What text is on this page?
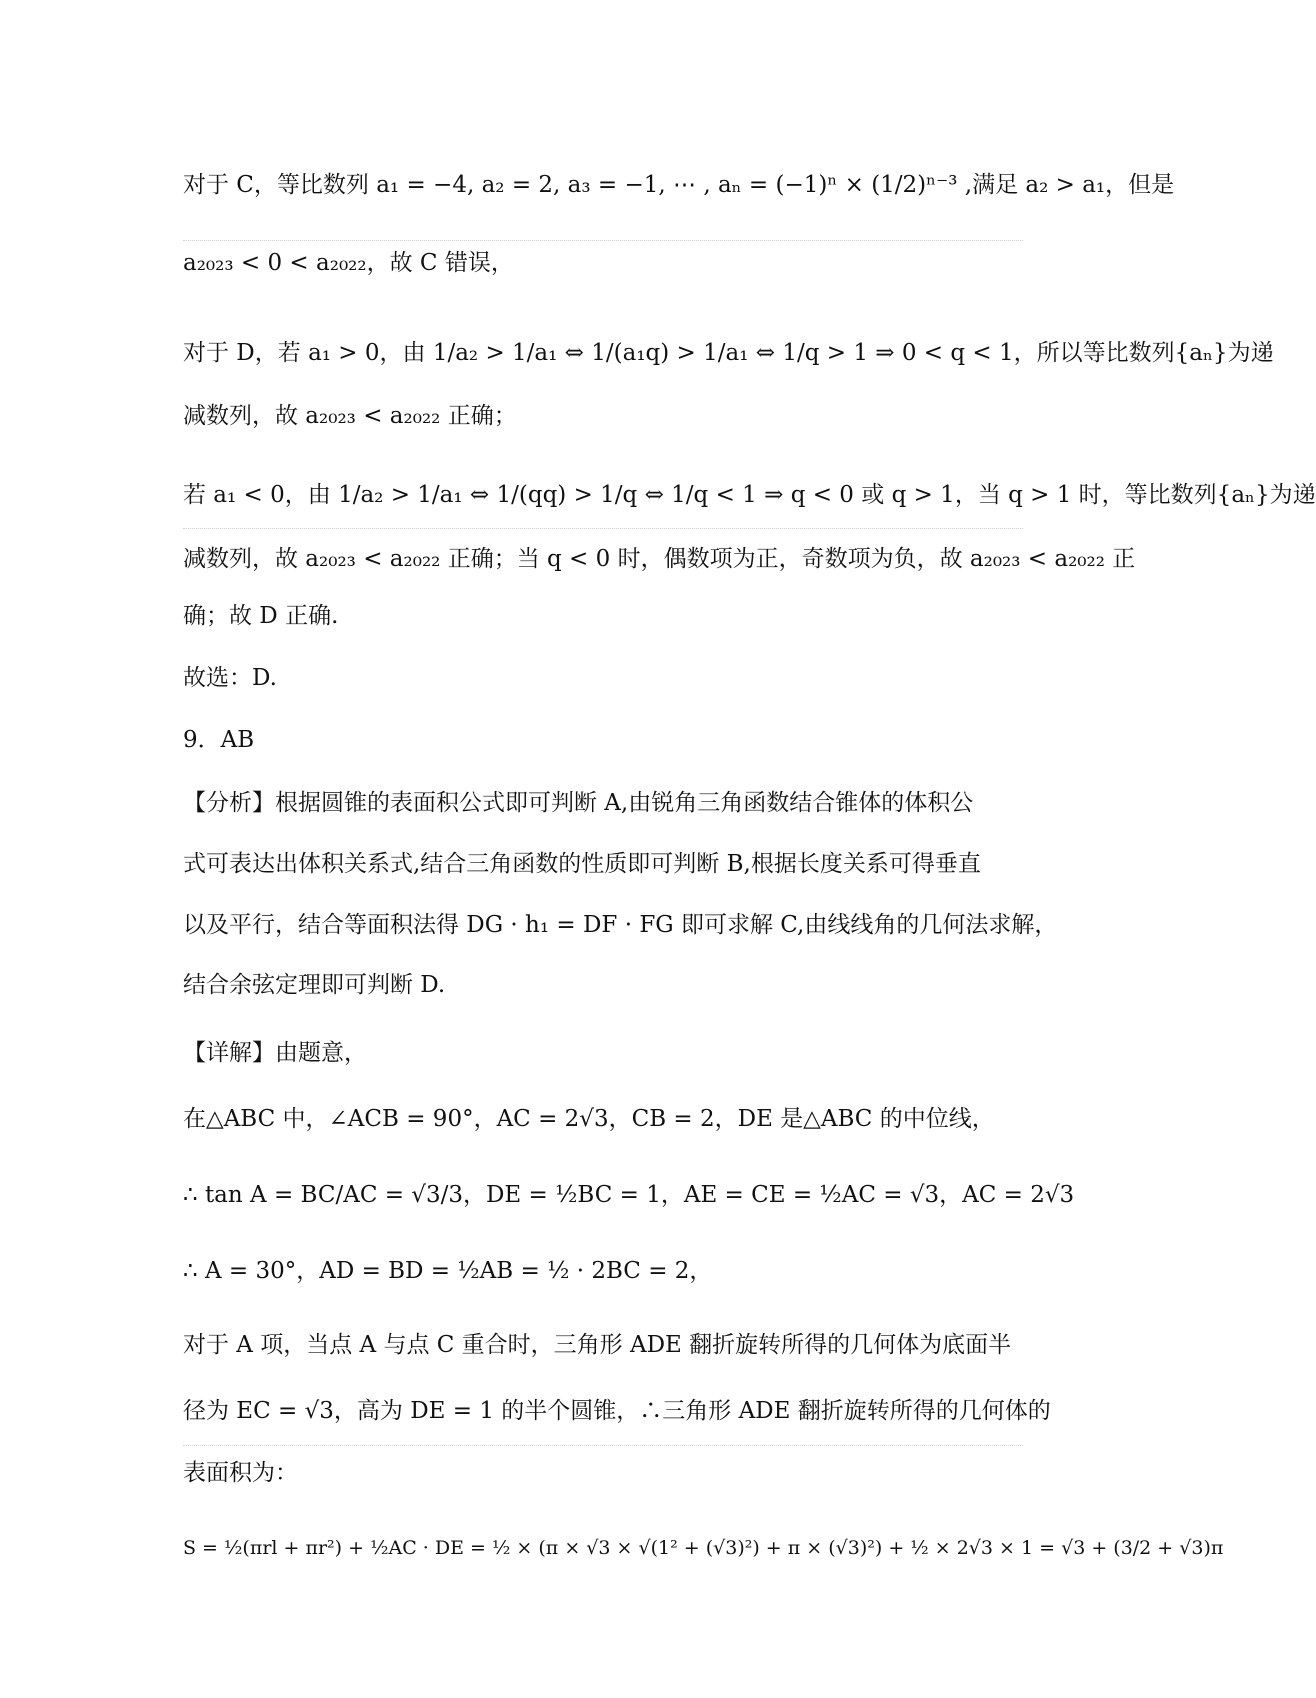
对于 C，等比数列 a₁ = −4, a₂ = 2, a₃ = −1, ⋯ , aₙ = (−1)ⁿ × (1/2)ⁿ⁻³ ,满足 a₂ > a₁，但是
a₂₀₂₃ < 0 < a₂₀₂₂，故 C 错误，
对于 D，若 a₁ > 0，由 1/a₂ > 1/a₁ ⇔ 1/(a₁q) > 1/a₁ ⇔ 1/q > 1 ⇒ 0 < q < 1，所以等比数列{aₙ}为递
减数列，故 a₂₀₂₃ < a₂₀₂₂ 正确；
若 a₁ < 0，由 1/a₂ > 1/a₁ ⇔ 1/(qq) > 1/q ⇔ 1/q < 1 ⇒ q < 0 或 q > 1，当 q > 1 时，等比数列{aₙ}为递
减数列，故 a₂₀₂₃ < a₂₀₂₂ 正确；当 q < 0 时，偶数项为正，奇数项为负，故 a₂₀₂₃ < a₂₀₂₂ 正
确；故 D 正确.
故选：D.
9．AB
【分析】根据圆锥的表面积公式即可判断 A,由锐角三角函数结合锥体的体积公
式可表达出体积关系式,结合三角函数的性质即可判断 B,根据长度关系可得垂直
以及平行，结合等面积法得 DG · h₁ = DF · FG 即可求解 C,由线线角的几何法求解，
结合余弦定理即可判断 D.
【详解】由题意，
在△ABC 中，∠ACB = 90°，AC = 2√3，CB = 2，DE 是△ABC 的中位线，
∴ tan A = BC/AC = √3/3，DE = ½BC = 1，AE = CE = ½AC = √3，AC = 2√3
∴ A = 30°，AD = BD = ½AB = ½ · 2BC = 2，
对于 A 项，当点 A 与点 C 重合时，三角形 ADE 翻折旋转所得的几何体为底面半
径为 EC = √3，高为 DE = 1 的半个圆锥，∴三角形 ADE 翻折旋转所得的几何体的
表面积为：
S = ½(πrl + πr²) + ½AC · DE = ½ × (π × √3 × √(1² + (√3)²) + π × (√3)²) + ½ × 2√3 × 1 = √3 + (3/2 + √3)π
